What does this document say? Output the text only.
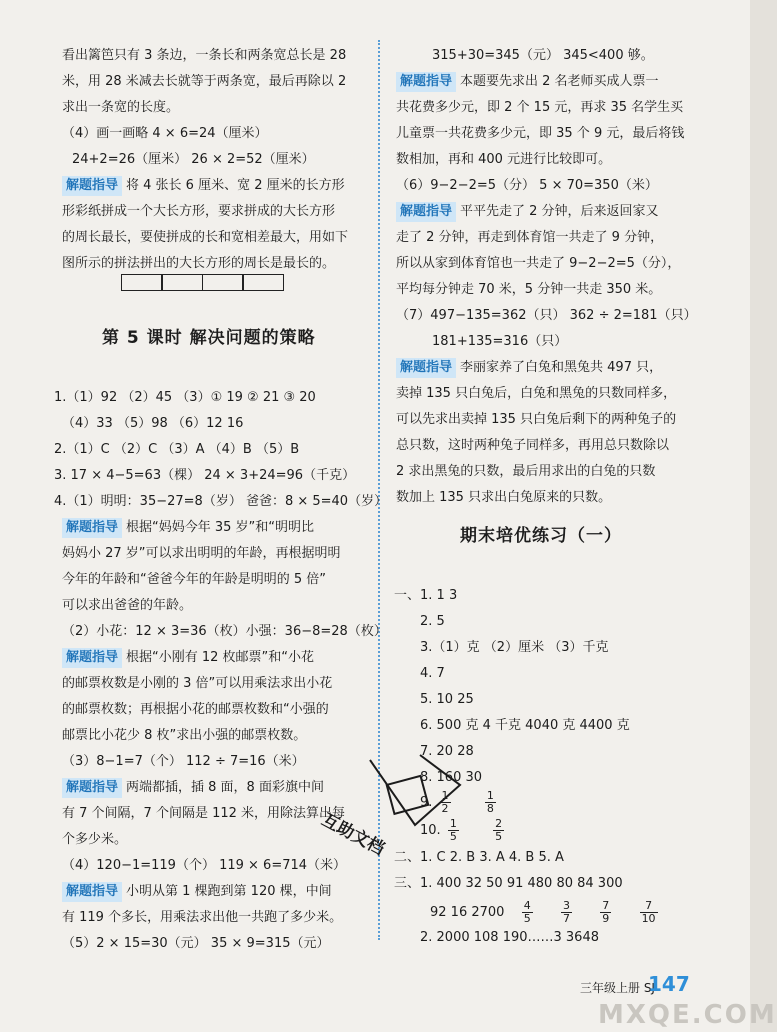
看出篱笆只有 3 条边，一条长和两条宽总长是 28
米，用 28 米减去长就等于两条宽，最后再除以 2
求出一条宽的长度。
（4）画一画略 4 × 6=24（厘米）
24+2=26（厘米） 26 × 2=52（厘米）
解题指导 将 4 张长 6 厘米、宽 2 厘米的长方形
形彩纸拼成一个大长方形，要求拼成的大长方形
的周长最长，要使拼成的长和宽相差最大，用如下
图所示的拼法拼出的大长方形的周长是最长的。
第 5 课时 解决问题的策略
1.（1）92 （2）45 （3）① 19 ② 21 ③ 20
（4）33 （5）98 （6）12 16
2.（1）C （2）C （3）A （4）B （5）B
3. 17 × 4−5=63（棵） 24 × 3+24=96（千克）
4.（1）明明：35−27=8（岁） 爸爸：8 × 5=40（岁）
解题指导 根据“妈妈今年 35 岁”和“明明比
妈妈小 27 岁”可以求出明明的年龄，再根据明明
今年的年龄和“爸爸今年的年龄是明明的 5 倍”
可以求出爸爸的年龄。
（2）小花：12 × 3=36（枚）小强：36−8=28（枚）
解题指导 根据“小刚有 12 枚邮票”和“小花
的邮票枚数是小刚的 3 倍”可以用乘法求出小花
的邮票枚数；再根据小花的邮票枚数和“小强的
邮票比小花少 8 枚”求出小强的邮票枚数。
（3）8−1=7（个） 112 ÷ 7=16（米）
解题指导 两端都插，插 8 面，8 面彩旗中间
有 7 个间隔，7 个间隔是 112 米，用除法算出每
个多少米。
（4）120−1=119（个） 119 × 6=714（米）
解题指导 小明从第 1 棵跑到第 120 棵，中间
有 119 个多长，用乘法求出他一共跑了多少米。
（5）2 × 15=30（元） 35 × 9=315（元）
315+30=345（元） 345<400 够。
解题指导 本题要先求出 2 名老师买成人票一
共花费多少元，即 2 个 15 元，再求 35 名学生买
儿童票一共花费多少元，即 35 个 9 元，最后将钱
数相加，再和 400 元进行比较即可。
（6）9−2−2=5（分） 5 × 70=350（米）
解题指导 平平先走了 2 分钟，后来返回家又
走了 2 分钟，再走到体育馆一共走了 9 分钟，
所以从家到体育馆也一共走了 9−2−2=5（分），
平均每分钟走 70 米，5 分钟一共走 350 米。
（7）497−135=362（只） 362 ÷ 2=181（只）
181+135=316（只）
解题指导 李丽家养了白兔和黑兔共 497 只，
卖掉 135 只白兔后，白兔和黑兔的只数同样多，
可以先求出卖掉 135 只白兔后剩下的两种兔子的
总只数，这时两种兔子同样多，再用总只数除以
2 求出黑兔的只数，最后用求出的白兔的只数
数加上 135 只求出白兔原来的只数。
期末培优练习（一）
一、1. 1 3
2. 5
3.（1）克 （2）厘米 （3）千克
4. 7
5. 10 25
6. 500 克 4 千克 4040 克 4400 克
7. 20 28
8. 160 30
9. $\frac{1}{2}$
	$\frac{1}{8}$
10. $\frac{1}{5}$
	$\frac{2}{5}$
二、1. C 2. B 3. A 4. B 5. A
三、1. 400 32 50 91 480 80 84 300
92 16 $2700 \frac{4}{5}$
	$\frac{3}{7}$
	$\frac{7}{9}$
	$\frac{7}{10}$
2. 2000 108 190……3 3648
互助文档
三年级上册 SJ
147
MXQE.COM
